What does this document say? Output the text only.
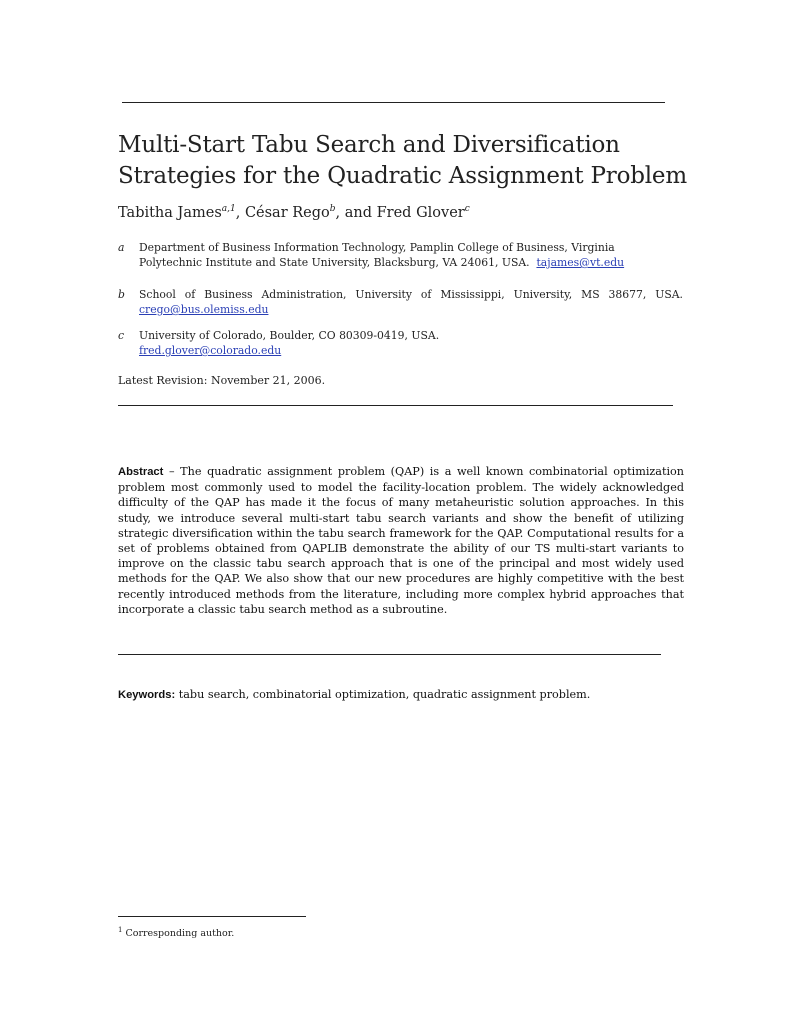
Multi-Start Tabu Search and Diversification
Strategies for the Quadratic Assignment Problem
Tabitha James$^{a,1}$, César Rego$^b$, and Fred Glover$^c$
a Department of Business Information Technology, Pamplin College of Business, Virginia
Polytechnic Institute and State University, Blacksburg, VA 24061, USA. tajames@vt.edu
b School of Business Administration, University of Mississippi, University, MS 38677, USA.
crego@bus.olemiss.edu
c University of Colorado, Boulder, CO 80309-0419, USA.
fred.glover@colorado.edu
Latest Revision: November 21, 2006.
Abstract – The quadratic assignment problem (QAP) is a well known combinatorial optimization problem most commonly used to model the facility-location problem. The widely acknowledged difficulty of the QAP has made it the focus of many metaheuristic solution approaches. In this study, we introduce several multi-start tabu search variants and show the benefit of utilizing strategic diversification within the tabu search framework for the QAP. Computational results for a set of problems obtained from QAPLIB demonstrate the ability of our TS multi-start variants to improve on the classic tabu search approach that is one of the principal and most widely used methods for the QAP. We also show that our new procedures are highly competitive with the best recently introduced methods from the literature, including more complex hybrid approaches that incorporate a classic tabu search method as a subroutine.
Keywords: tabu search, combinatorial optimization, quadratic assignment problem.
$^1$ Corresponding author.
